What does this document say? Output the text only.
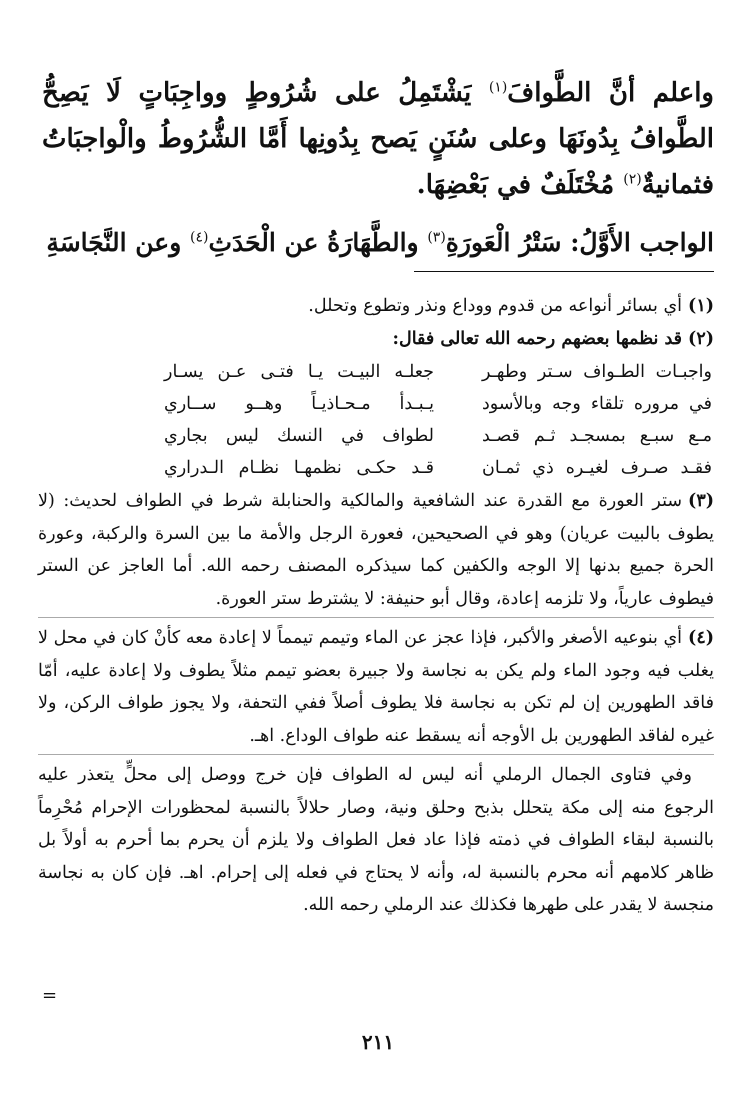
واعلم أنَّ الطَّوافَ$^{(١)}$ يَشْتَمِلُ على شُرُوطٍ وواجِبَاتٍ لَا يَصِحُّ الطَّوافُ بِدُونَهَا وعلى سُنَنٍ يَصح بِدُونِها أَمَّا الشُّرُوطُ والْواجبَاتُ فثمانيةٌ$^{(٢)}$ مُخْتَلَفٌ في بَعْضِهَا.

الواجب الأَوَّلُ: سَتْرُ الْعَورَةِ$^{(٣)}$ والطَّهَارَةُ عن الْحَدَثِ$^{(٤)}$ وعن النَّجَاسَةِ

(١)أي بسائر أنواعه من قدوم ووداع ونذر وتطوع وتحلل.

(٢)قد نظمها بعضهم رحمه الله تعالى فقال:

واجبـات الطـواف سـتر وطهـر
جعلـه البيـت يـا فتـى عـن يسـار
في مروره تلقاء وجه وبالأسود
يـبـدأ مـحـاذيـاً وهــو ســاري
مـع سبـع بمسجـد ثـم قصـد
لطواف في النسك ليس بجاري
فقـد صـرف لغيـره ذي ثمـان
قـد حكـى نظمهـا نظـام الـدراري

(٣)ستر العورة مع القدرة عند الشافعية والمالكية والحنابلة شرط في الطواف لحديث: (لا يطوف بالبيت عريان) وهو في الصحيحين، فعورة الرجل والأمة ما بين السرة والركبة، وعورة الحرة جميع بدنها إلا الوجه والكفين كما سيذكره المصنف رحمه الله. أما العاجز عن الستر فيطوف عارياً، ولا تلزمه إعادة، وقال أبو حنيفة: لا يشترط ستر العورة.

(٤)أي بنوعيه الأصغر والأكبر، فإذا عجز عن الماء وتيمم تيمماً لا إعادة معه كأنْ كان في محل لا يغلب فيه وجود الماء ولم يكن به نجاسة ولا جبيرة بعضو تيمم مثلاً يطوف ولا إعادة عليه، أمّا فاقد الطهورين إن لم تكن به نجاسة فلا يطوف أصلاً ففي التحفة، ولا يجوز طواف الركن، ولا غيره لفاقد الطهورين بل الأوجه أنه يسقط عنه طواف الوداع. اهـ.

وفي فتاوى الجمال الرملي أنه ليس له الطواف فإن خرج ووصل إلى محلٍّ يتعذر عليه الرجوع منه إلى مكة يتحلل بذبح وحلق ونية، وصار حلالاً بالنسبة لمحظورات الإحرام مُحْرِماً بالنسبة لبقاء الطواف في ذمته فإذا عاد فعل الطواف ولا يلزم أن يحرم بما أحرم به أولاً بل ظاهر كلامهم أنه محرم بالنسبة له، وأنه لا يحتاج في فعله إلى إحرام. اهـ. فإن كان به نجاسة منجسة لا يقدر على طهرها فكذلك عند الرملي رحمه الله.

=
٢١١
